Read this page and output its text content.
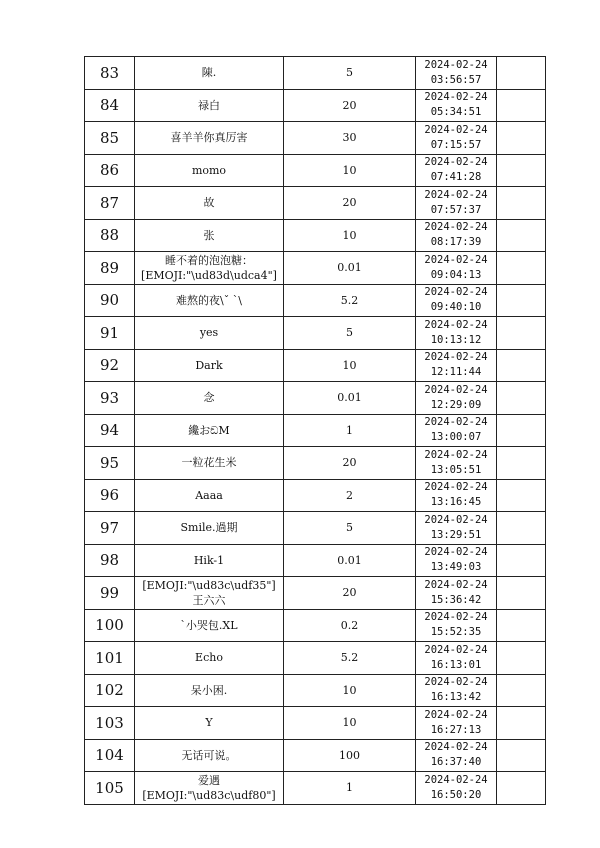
83	陳.	5	2024-02-24
03:56:57	

84	禄白	20	2024-02-24
05:34:51	

85	喜羊羊你真厉害	30	2024-02-24
07:15:57	

86	momo	10	2024-02-24
07:41:28	

87	故	20	2024-02-24
07:57:37	

88	张	10	2024-02-24
08:17:39	

89	睡不着的泡泡糖：
[EMOJI:"\ud83d\udca4"]	0.01	2024-02-24
09:04:13	

90	难熬的夜\ˇ ˋ\	5.2	2024-02-24
09:40:10	

91	yes	5	2024-02-24
10:13:12	

92	Dark	10	2024-02-24
12:11:44	

93	念	0.01	2024-02-24
12:29:09	

94	纔おඞM	1	2024-02-24
13:00:07	

95	一粒花生米	20	2024-02-24
13:05:51	

96	Aaaa	2	2024-02-24
13:16:45	

97	Smile.過期	5	2024-02-24
13:29:51	

98	Hik-1	0.01	2024-02-24
13:49:03	

99	[EMOJI:"\ud83c\udf35"]
王六六	20	2024-02-24
15:36:42	

100	ˋ小哭包.XL	0.2	2024-02-24
15:52:35	

101	Echo	5.2	2024-02-24
16:13:01	

102	呆小困.	10	2024-02-24
16:13:42	

103	Y	10	2024-02-24
16:27:13	

104	无话可说。	100	2024-02-24
16:37:40	

105	爱遇
[EMOJI:"\ud83c\udf80"]	1	2024-02-24
16:50:20	
